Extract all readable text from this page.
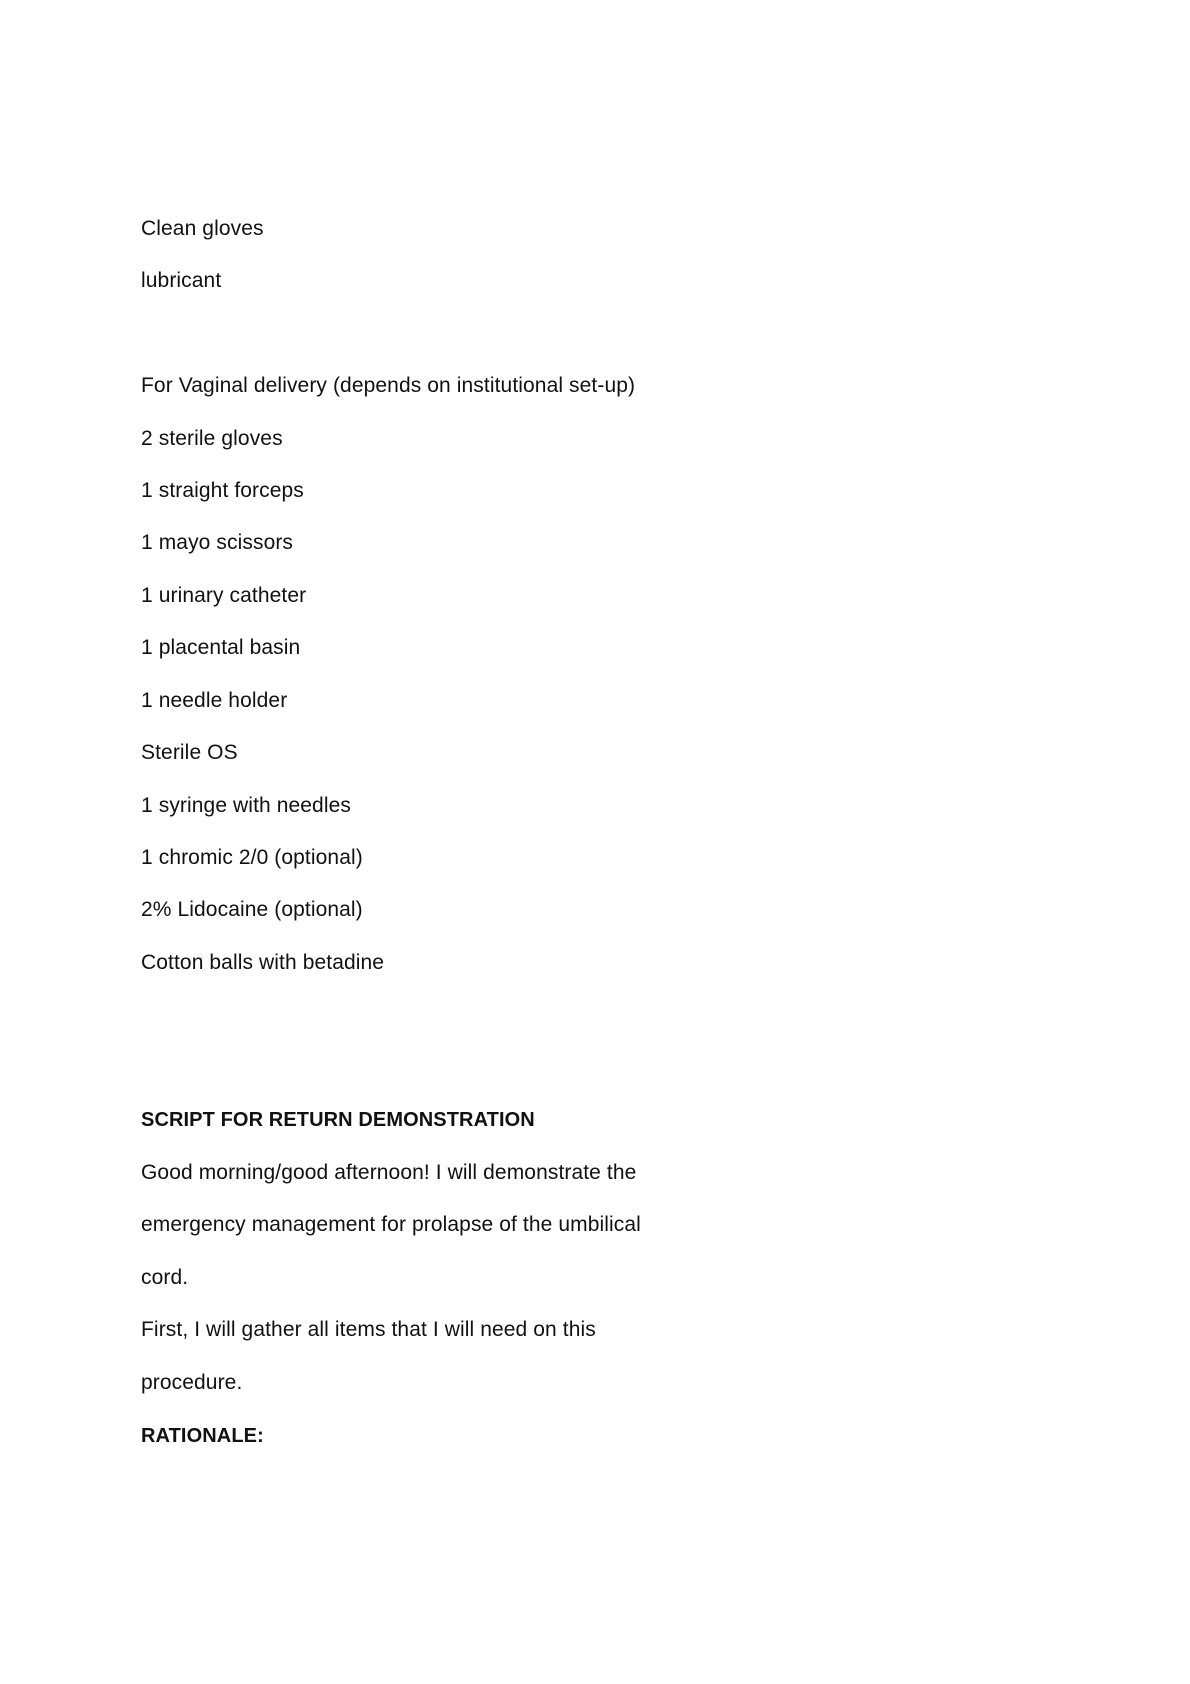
Clean gloves
lubricant
For Vaginal delivery (depends on institutional set-up)
2 sterile gloves
1 straight forceps
1 mayo scissors
1 urinary catheter
1 placental basin
1 needle holder
Sterile OS
1 syringe with needles
1 chromic 2/0 (optional)
2% Lidocaine (optional)
Cotton balls with betadine
SCRIPT FOR RETURN DEMONSTRATION
Good morning/good afternoon! I will demonstrate the
emergency management for prolapse of the umbilical
cord.
First, I will gather all items that I will need on this
procedure.
RATIONALE:
